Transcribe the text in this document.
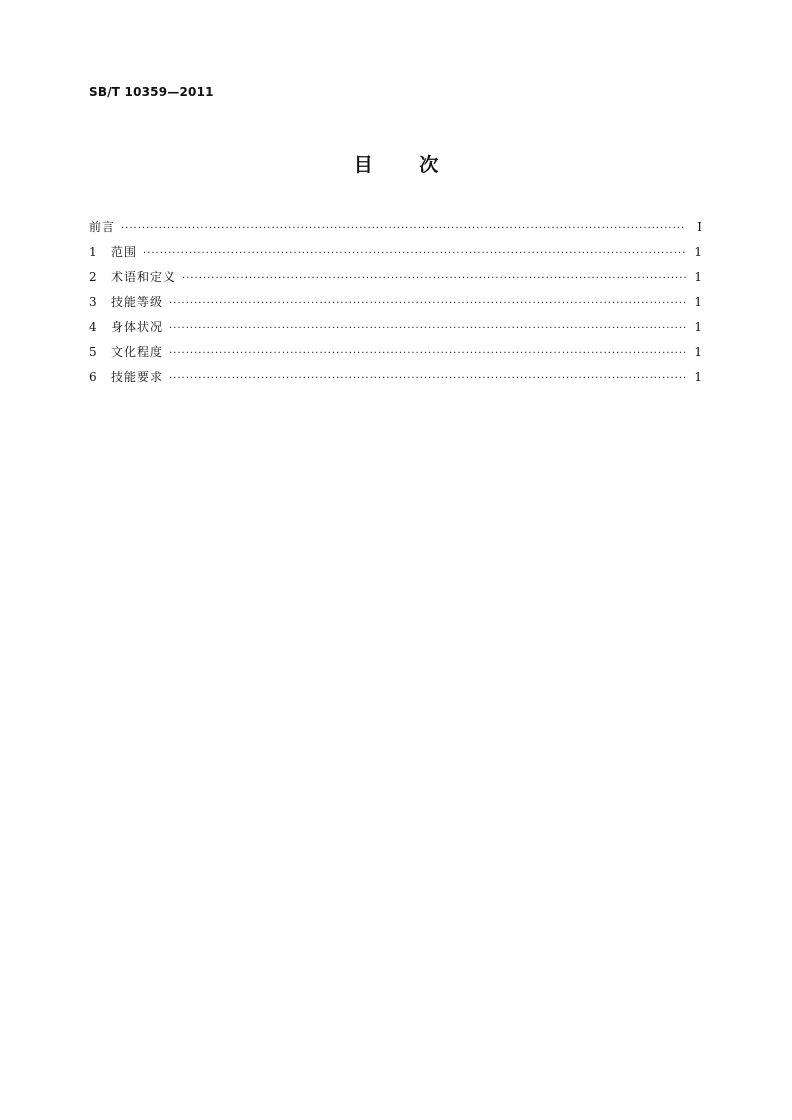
SB/T 10359—2011
目 次
前言 ·····	Ⅰ
1	范围 ·····	1
2	术语和定义 ·····	1
3	技能等级 ·····	1
4	身体状况 ·····	1
5	文化程度 ·····	1
6	技能要求 ·····	1
